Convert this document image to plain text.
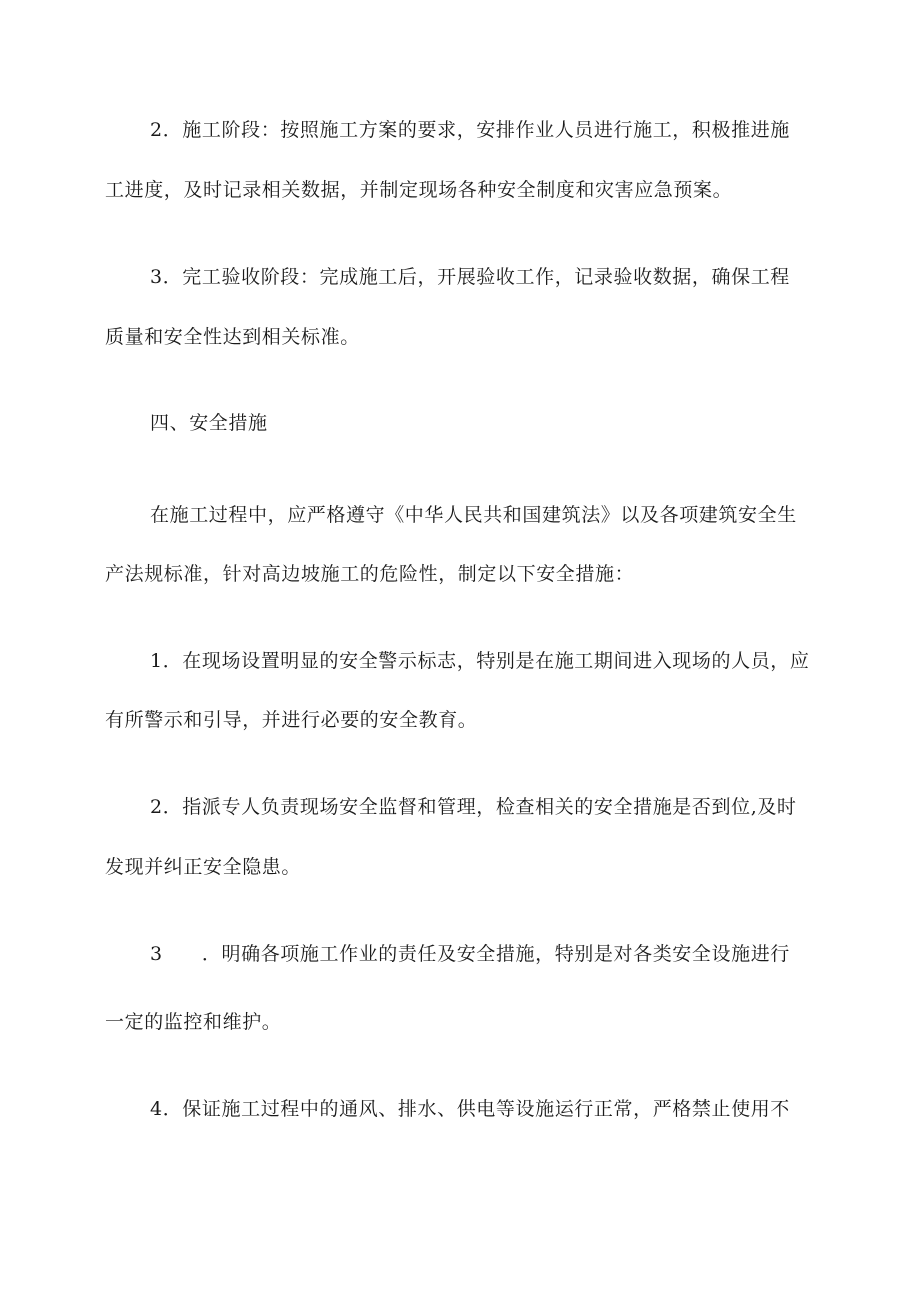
2．施工阶段：按照施工方案的要求，安排作业人员进行施工，积极推进施
工进度，及时记录相关数据，并制定现场各种安全制度和灾害应急预案。
3．完工验收阶段：完成施工后，开展验收工作，记录验收数据，确保工程
质量和安全性达到相关标准。
四、安全措施
在施工过程中，应严格遵守《中华人民共和国建筑法》以及各项建筑安全生
产法规标准，针对高边坡施工的危险性，制定以下安全措施：
1．在现场设置明显的安全警示标志，特别是在施工期间进入现场的人员，应
有所警示和引导，并进行必要的安全教育。
2．指派专人负责现场安全监督和管理，检查相关的安全措施是否到位,及时
发现并纠正安全隐患。
3　　．明确各项施工作业的责任及安全措施，特别是对各类安全设施进行
一定的监控和维护。
4．保证施工过程中的通风、排水、供电等设施运行正常，严格禁止使用不
